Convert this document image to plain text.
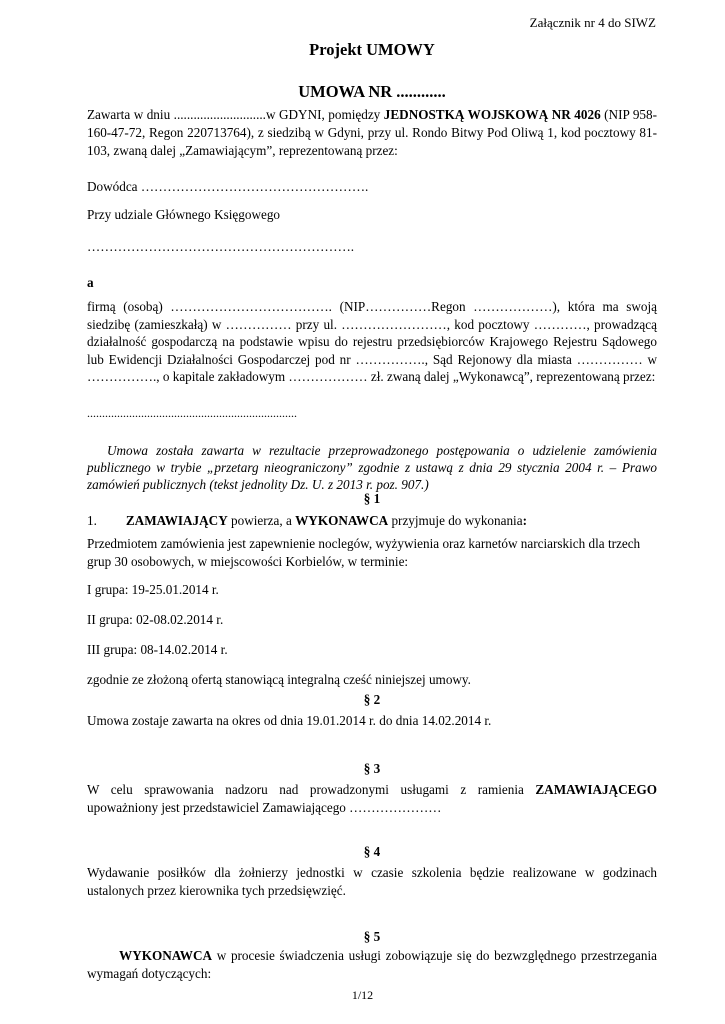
Załącznik nr 4 do SIWZ
Projekt UMOWY
UMOWA NR ............
Zawarta w dniu ............................w GDYNI, pomiędzy JEDNOSTKĄ WOJSKOWĄ NR 4026 (NIP 958-160-47-72, Regon 220713764), z siedzibą w Gdyni, przy ul. Rondo Bitwy Pod Oliwą 1, kod pocztowy 81-103, zwaną dalej „Zamawiającym”, reprezentowaną przez:
Dowódca …………………………………………….
Przy udziale Głównego Księgowego
…………………………………………………….
a
firmą (osobą) ………………………………. (NIP……………Regon ………………), która ma swoją siedzibę (zamieszkałą) w …………… przy ul. ……………………, kod pocztowy …………, prowadzącą działalność gospodarczą na podstawie wpisu do rejestru przedsiębiorców Krajowego Rejestru Sądowego lub Ewidencji Działalności Gospodarczej pod nr ……………., Sąd Rejonowy dla miasta …………… w ……………., o kapitale zakładowym ……………… zł. zwaną dalej „Wykonawcą”, reprezentowaną przez:
......................................................................
Umowa została zawarta w rezultacie przeprowadzonego postępowania o udzielenie zamówienia publicznego w trybie „przetarg nieograniczony” zgodnie z ustawą z dnia 29 stycznia 2004 r. – Prawo zamówień publicznych (tekst jednolity Dz. U. z 2013 r. poz. 907.)
§ 1
1. ZAMAWIAJĄCY powierza, a WYKONAWCA przyjmuje do wykonania:
Przedmiotem zamówienia jest zapewnienie noclegów, wyżywienia oraz karnetów narciarskich dla trzech grup 30 osobowych, w miejscowości Korbielów, w terminie:
I grupa: 19-25.01.2014 r.
II grupa: 02-08.02.2014 r.
III grupa: 08-14.02.2014 r.
zgodnie ze złożoną ofertą stanowiącą integralną cześć niniejszej umowy.
§ 2
Umowa zostaje zawarta na okres od dnia 19.01.2014 r. do dnia 14.02.2014 r.
§ 3
W celu sprawowania nadzoru nad prowadzonymi usługami z ramienia ZAMAWIAJĄCEGO upoważniony jest przedstawiciel Zamawiającego …………………
§ 4
Wydawanie posiłków dla żołnierzy jednostki w czasie szkolenia będzie realizowane w godzinach ustalonych przez kierownika tych przedsięwzięć.
§ 5
WYKONAWCA w procesie świadczenia usługi zobowiązuje się do bezwzględnego przestrzegania wymagań dotyczących:
1/12
